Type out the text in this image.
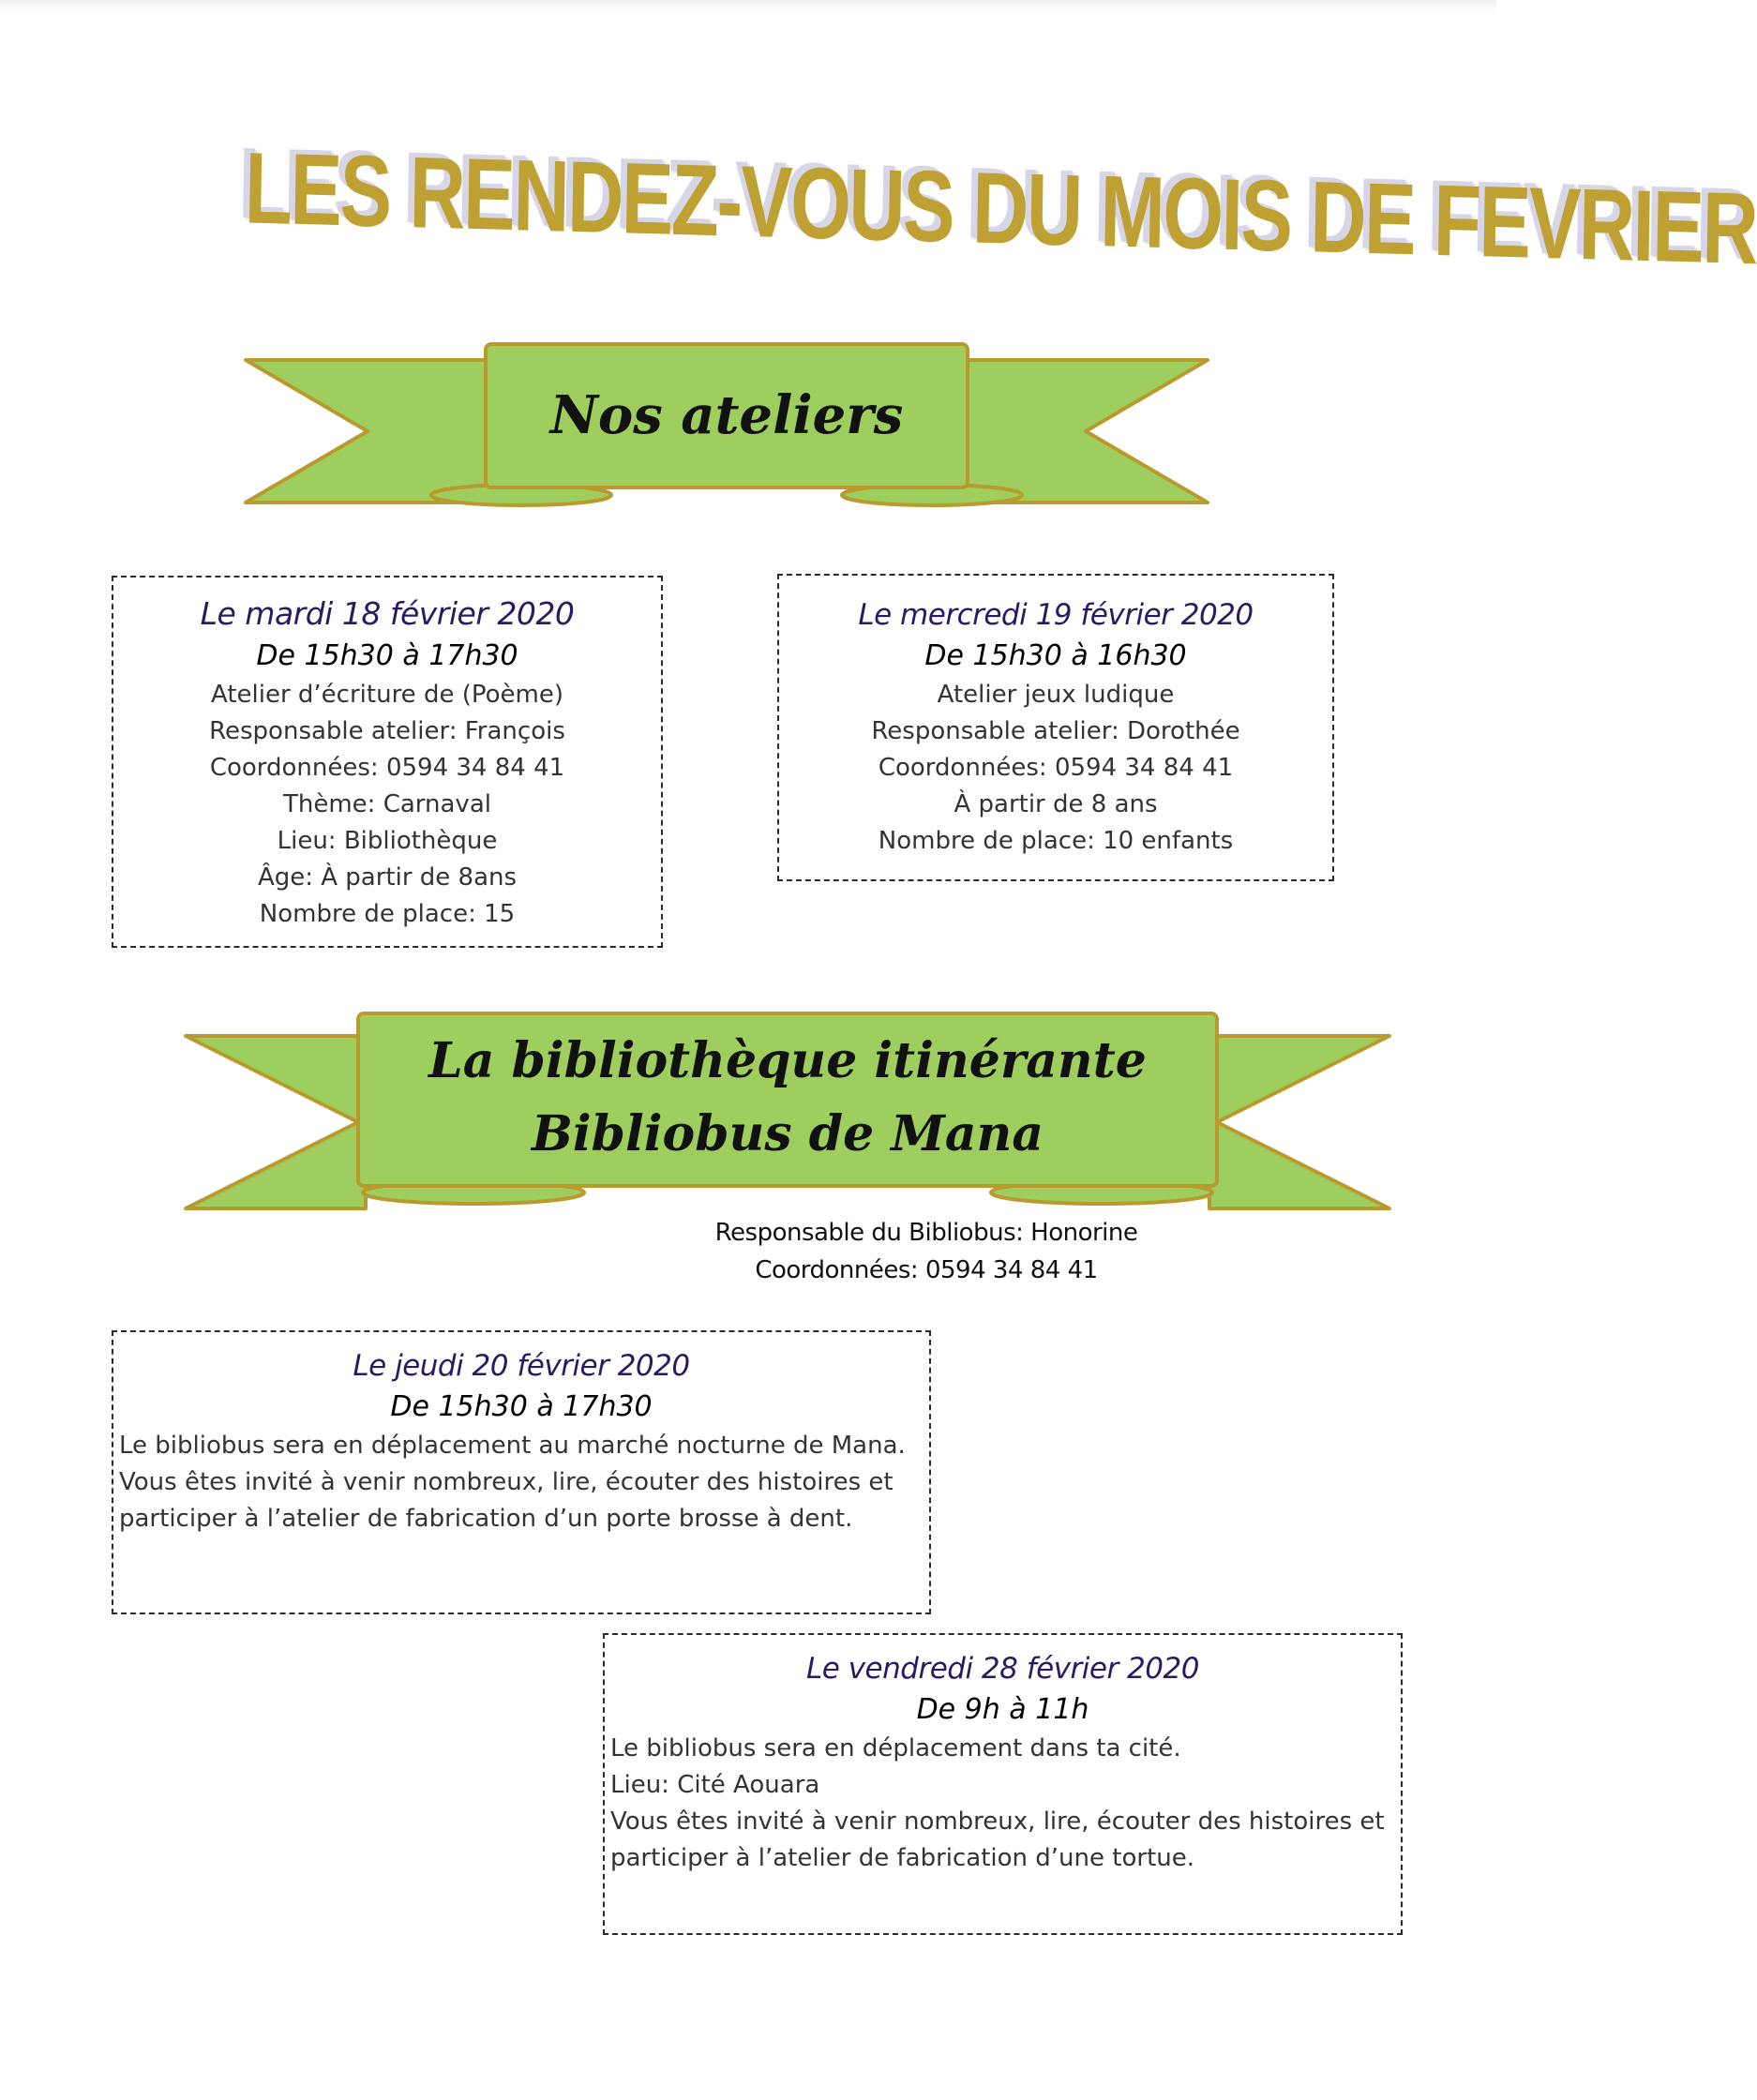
LES RENDEZ-VOUS DU MOIS DE FEVRIER
Nos ateliers
Le mardi 18 février 2020
De 15h30 à 17h30
Atelier d’écriture de (Poème)
Responsable atelier: François
Coordonnées: 0594 34 84 41
Thème: Carnaval
Lieu: Bibliothèque
Âge: À partir de 8ans
Nombre de place: 15
Le mercredi 19 février 2020
De 15h30 à 16h30
Atelier jeux ludique
Responsable atelier: Dorothée
Coordonnées: 0594 34 84 41
À partir de 8 ans
Nombre de place: 10 enfants
La bibliothèque itinérante
Bibliobus de Mana
Responsable du Bibliobus: Honorine
Coordonnées: 0594 34 84 41
Le jeudi 20 février 2020
De 15h30 à 17h30
Le bibliobus sera en déplacement au marché nocturne de Mana.
Vous êtes invité à venir nombreux, lire, écouter des histoires et
participer à l’atelier de fabrication d’un porte brosse à dent.
Le vendredi 28 février 2020
De 9h à 11h
Le bibliobus sera en déplacement dans ta cité.
Lieu: Cité Aouara
Vous êtes invité à venir nombreux, lire, écouter des histoires et
participer à l’atelier de fabrication d’une tortue.
